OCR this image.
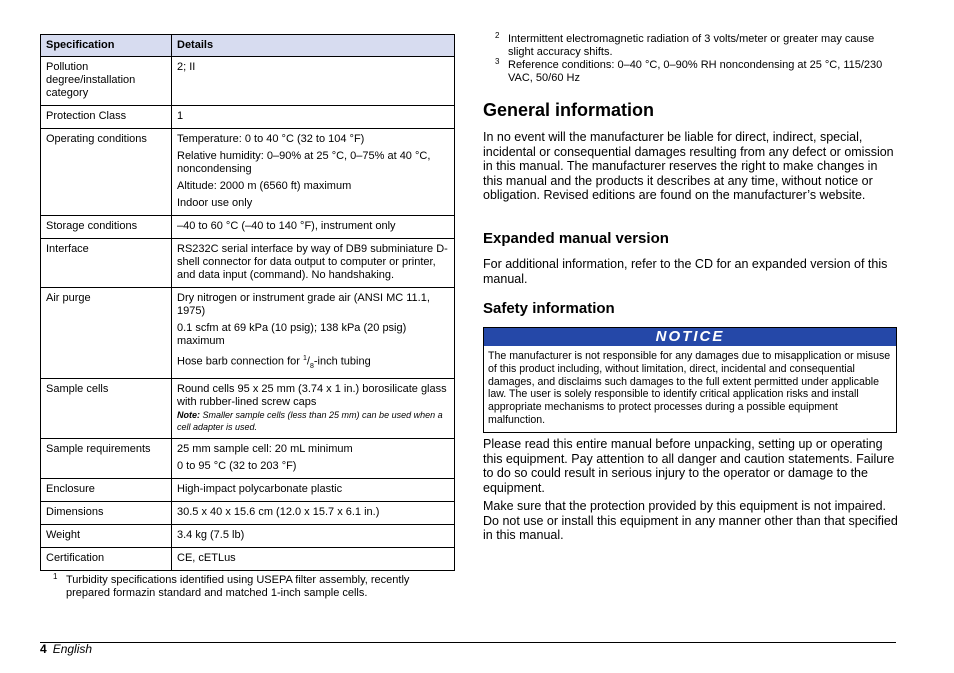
Specification	Details
Pollution degree/installation category	2; II

Protection Class	1

Operating conditions	Temperature: 0 to 40 °C (32 to 104 °F)

Relative humidity: 0–90% at 25 °C, 0–75% at 40 °C, noncondensing

Altitude: 2000 m (6560 ft) maximum

Indoor use only

Storage conditions	–40 to 60 °C (–40 to 140 °F), instrument only

Interface	RS232C serial interface by way of DB9 subminiature D-shell connector for data output to computer or printer, and data input (command). No handshaking.

Air purge	Dry nitrogen or instrument grade air (ANSI MC 11.1, 1975)

0.1 scfm at 69 kPa (10 psig); 138 kPa (20 psig) maximum

Hose barb connection for $^1/_8$-inch tubing

Sample cells	Round cells 95 x 25 mm (3.74 x 1 in.) borosilicate glass with rubber-lined screw caps

Note: Smaller sample cells (less than 25 mm) can be used when a cell adapter is used.

Sample requirements	25 mm sample cell: 20 mL minimum

0 to 95 °C (32 to 203 °F)

Enclosure	High-impact polycarbonate plastic

Dimensions	30.5 x 40 x 15.6 cm (12.0 x 15.7 x 6.1 in.)

Weight	3.4 kg (7.5 lb)

Certification	CE, cETLus

1 Turbidity specifications identified using USEPA filter assembly, recently prepared formazin standard and matched 1-inch sample cells.
2 Intermittent electromagnetic radiation of 3 volts/meter or greater may cause slight accuracy shifts.
3 Reference conditions: 0–40 °C, 0–90% RH noncondensing at 25 °C, 115/230 VAC, 50/60 Hz
General information

In no event will the manufacturer be liable for direct, indirect, special, incidental or consequential damages resulting from any defect or omission in this manual. The manufacturer reserves the right to make changes in this manual and the products it describes at any time, without notice or obligation. Revised editions are found on the manufacturer’s website.

Expanded manual version

For additional information, refer to the CD for an expanded version of this manual.

Safety information
NOTICE
The manufacturer is not responsible for any damages due to misapplication or misuse of this product including, without limitation, direct, incidental and consequential damages, and disclaims such damages to the full extent permitted under applicable law. The user is solely responsible to identify critical application risks and install appropriate mechanisms to protect processes during a possible equipment malfunction.

Please read this entire manual before unpacking, setting up or operating this equipment. Pay attention to all danger and caution statements. Failure to do so could result in serious injury to the operator or damage to the equipment.

Make sure that the protection provided by this equipment is not impaired. Do not use or install this equipment in any manner other than that specified in this manual.

4 English
